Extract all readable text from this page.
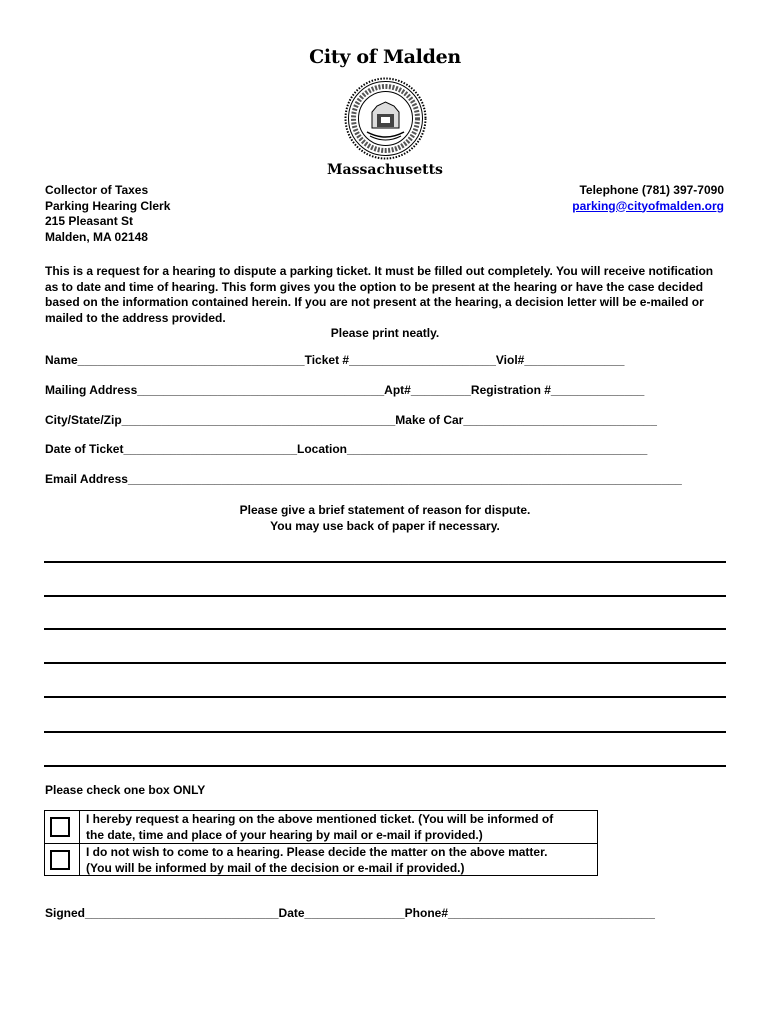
City of Malden
Massachusetts
Collector of Taxes
Parking Hearing Clerk
215 Pleasant St
Malden, MA 02148
Telephone (781) 397-7090
parking@cityofmalden.org
This is a request for a hearing to dispute a parking ticket. It must be filled out completely. You will receive notification as to date and time of hearing. This form gives you the option to be present at the hearing or have the case decided based on the information contained herein. If you are not present at the hearing, a decision letter will be e-mailed or mailed to the address provided.
Please print neatly.
Name__________________________________Ticket #______________________Viol#_______________
Mailing Address_____________________________________Apt#_________Registration #______________
City/State/Zip_________________________________________Make of Car_____________________________
Date of Ticket__________________________Location_____________________________________________
Email Address___________________________________________________________________________________
Please give a brief statement of reason for dispute.
You may use back of paper if necessary.
Please check one box ONLY
I hereby request a hearing on the above mentioned ticket. (You will be informed of
the date, time and place of your hearing by mail or e-mail if provided.)
I do not wish to come to a hearing. Please decide the matter on the above matter.
(You will be informed by mail of the decision or e-mail if provided.)
Signed_____________________________Date_______________Phone#_______________________________
